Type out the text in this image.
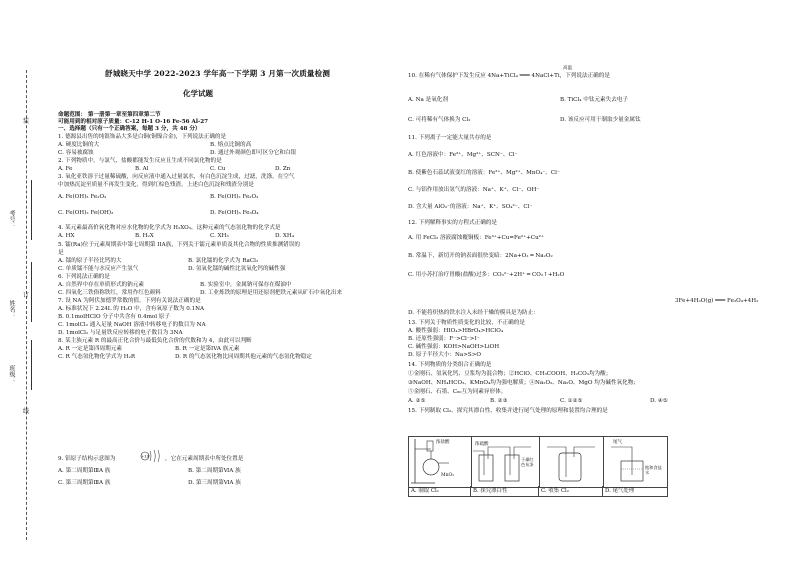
装
订
线
考号：
姓名：
班级：
舒城晓天中学 2022-2023 学年高一下学期 3 月第一次质量检测
化学试题
命题范围： 第一册第一章至第四章第二节
可能用到的相对原子质量：C-12 H-1 O-16 Fe-56 Al-27
一、选择题（只有一个正确答案，每题 3 分，共 48 分）
1. 德源县出售的纯银饰品大多是白铜(铜镍合金)，下列说法正确的是
A. 硬度比铜的大	B. 熔点比铜的高
C. 容易被腐蚀	D. 通过外观颜色即可区分它和白银
2. 下列物质中，与氯气、盐酸都能发生反应且生成不同氯化物的是
A. Fe	B. Al	C. Cu	D. Zn
3. 氧化亚铁溶于过量稀硫酸，向反应液中通入过量氯水，有白色沉淀生成，过滤，洗涤，在空气
中加热沉淀至质量不再发生变化，得到红棕色残渣。上述白色沉淀和残渣分别是
A. Fe(OH)₃ Fe₂O₃	B. Fe(OH)₂ Fe₂O₃
C. Fe(OH)₂ Fe(OH)₃	D. Fe(OH)₃ Fe₃O₄
4. 某元素最高价氧化物对应水化物的化学式为 H₂XO₃，这种元素的气态氢化物的化学式是
A. HX	B. H₂X	C. XH₃	D. XH₄
5. 镭(Ra)位于元素周期表中第七周期第 IIA族，下列关于镭元素单质及其化合物的性质推测错误的
是
A. 镭的原子半径比钙的大	B. 氯化镭的化学式为 RaCl₂
C. 单质镭不能与水反应产生氢气	D. 氢氧化镭的碱性比氢氧化钙的碱性强
6. 下列说法正确的是
A. 自然界中存在单质形式的钠元素	B. 实验室中，金属钠可保存在煤油中
C. 四氧化三铁俗称铁红，常用作红色颜料	D. 工业炼铁的原理是用还原剂把铁元素从矿石中氧化出来
7. 设 NA 为阿伏加德罗常数的值。下列有关说法正确的是
A. 标准状况下 2.24L 的 H₂O 中，含有氧原子数为 0.1NA
B. 0.1molHClO 分子中共含有 0.4mol 原子
C. 1molCl₂ 通入足量 NaOH 溶液中转移电子的数目为 NA
D. 1molCl₂ 与足量铁反应转移的电子数目为 3NA
8. 某主族元素 R 的最高正化合价与最低负化合价的代数和为 4，由此可以判断
A. R 一定是第四周期元素	B. R 一定是第IVA 族元素
C. R 气态氢化物化学式为 H₂R	D. R 的气态氢化物比同周期其他元素的气态氢化物稳定
9. 铝原子结构示意图为	+13	，它在元素周期表中所处位置是
A. 第二周期第ⅢA 族	B. 第二周期第ⅥA 族
C. 第三周期第ⅢA 族	D. 第三周期第ⅥA 族
10. 在稀有气体保护下发生反应 4Na+TiCl₄ ═══ 4NaCl+Ti，下列说法正确的是
高温
A. Na 是氧化剂	B. TiCl₄ 中钛元素失去电子
C. 可将稀有气体换为 Cl₂	D. 该反应可用于制取少量金属钛
11. 下列离子一定能大量共存的是
A. 红色溶液中：Fe³⁺、Mg²⁺、SCN⁻、Cl⁻
B. 使紫色石蕊试液变红的溶液：Fe²⁺、Mg²⁺、MnO₄⁻、Cl⁻
C. 与铝作用放出氢气的溶液：Na⁺、K⁺、Cl⁻、OH⁻
D. 含大量 AlO₂⁻的溶液：Na⁺、K⁺、SO₄²⁻、Cl⁻
12. 下列解释事实的方程式正确的是
A. 用 FeCl₃ 溶液腐蚀覆铜板：Fe³⁺+Cu=Fe²⁺+Cu²⁺
B. 常温下，新切开的钠表面很快变暗：2Na+O₂ ═ Na₂O₂
C. 用小苏打治疗胃酸(盐酸)过多：CO₃²⁻+2H⁺ ═ CO₂↑+H₂O
3Fe+4H₂O(g) ═══ Fe₃O₄+4H₂
D. 不能将炽热的铁水注入未经干燥的模具是为防止：
13. 下列关于物质性质变化的比较，不正确的是
A. 酸性强弱：HIO₄>HBrO₄>HClO₄
B. 还原性强弱：F⁻>Cl⁻>I⁻
C. 碱性强弱：KOH>NaOH>LiOH
D. 原子半径大小：Na>S>O
14. 下列物质的分类组合正确的是
①金刚石、氢氧化钙、豆浆均为混合物；②HClO、CH₃COOH、H₂CO₃均为酸；
③NaOH、NH₄HCO₃、KMnO₄均为强电解质；④Na₂O₂、Na₂O、MgO 均为碱性氧化物；
⑤金刚石、石墨、C₆₀互为同素异形体。
A. ②⑤	B. ②③	C. ①②⑤	D. ④⑤
15. 下列制取 Cl₂、探究其漂白性、收集并进行尾气处理的原理和装置均合理的是
浓盐酸
MnO₂
浓硫酸
干燥红色布条
尾气
饱和食盐水
A. 制取 Cl₂	B. 探究漂白性	C. 收集 Cl₂	D. 尾气处理
